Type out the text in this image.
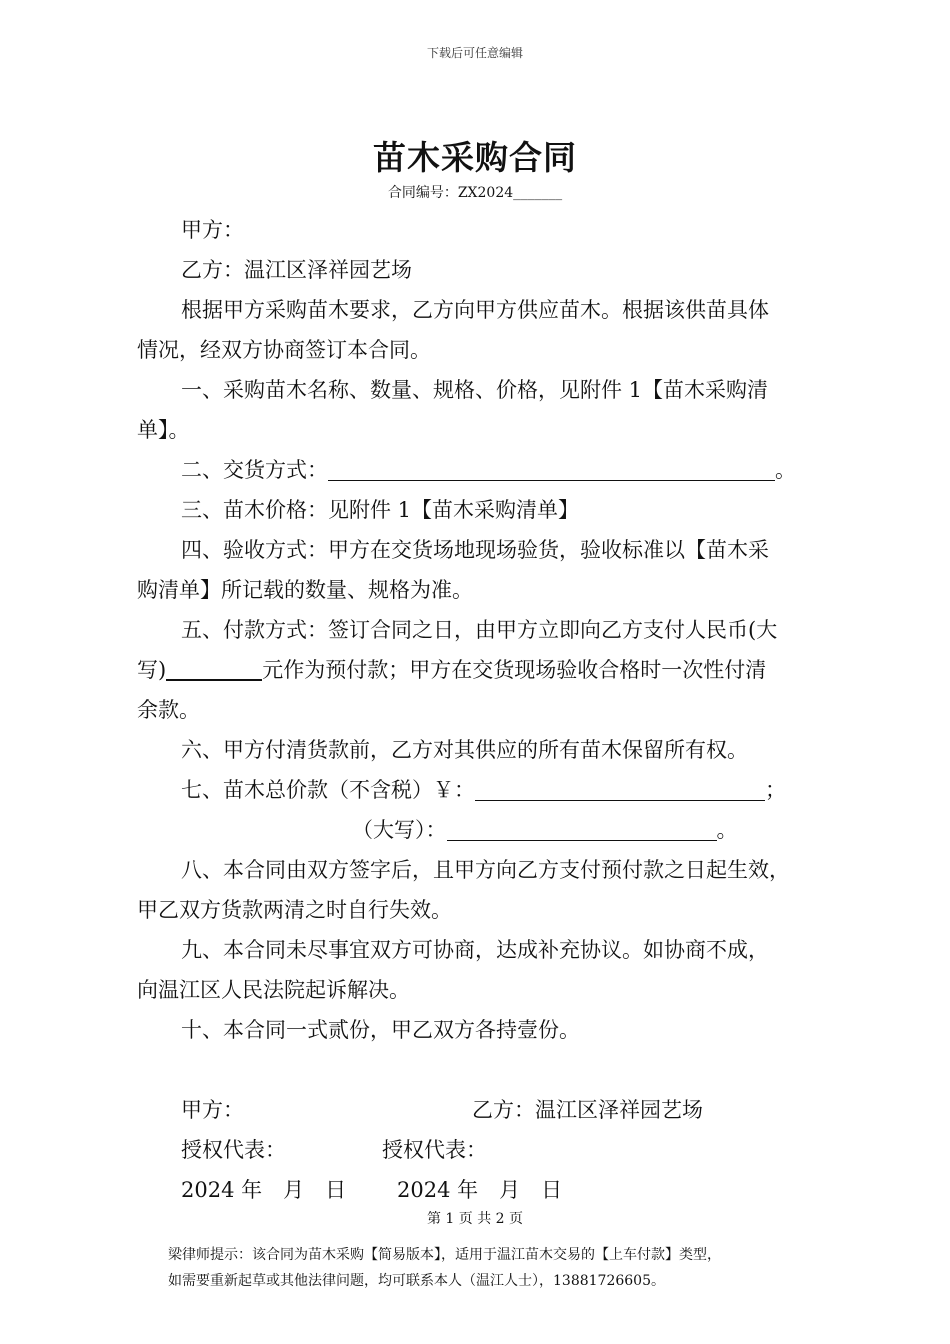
下载后可任意编辑
苗木采购合同
合同编号：ZX2024_______
甲方：
乙方：温江区泽祥园艺场
根据甲方采购苗木要求，乙方向甲方供应苗木。根据该供苗具体
情况，经双方协商签订本合同。
一、采购苗木名称、数量、规格、价格，见附件 1【苗木采购清
单】。
二、交货方式：	。
三、苗木价格：见附件 1【苗木采购清单】
四、验收方式：甲方在交货场地现场验货，验收标准以【苗木采
购清单】所记载的数量、规格为准。
五、付款方式：签订合同之日，由甲方立即向乙方支付人民币(大
写)	元作为预付款；甲方在交货现场验收合格时一次性付清
余款。
六、甲方付清货款前，乙方对其供应的所有苗木保留所有权。
七、苗木总价款（不含税）￥：	；
（大写）：	。
八、本合同由双方签字后，且甲方向乙方支付预付款之日起生效，
甲乙双方货款两清之时自行失效。
九、本合同未尽事宜双方可协商，达成补充协议。如协商不成，
向温江区人民法院起诉解决。
十、本合同一式贰份，甲乙双方各持壹份。
甲方：	乙方：温江区泽祥园艺场
授权代表：	授权代表：
2024 年　月　日 2024 年　月　日
第 1 页 共 2 页
梁律师提示：该合同为苗木采购【简易版本】，适用于温江苗木交易的【上车付款】类型，
如需要重新起草或其他法律问题，均可联系本人（温江人士），13881726605。
